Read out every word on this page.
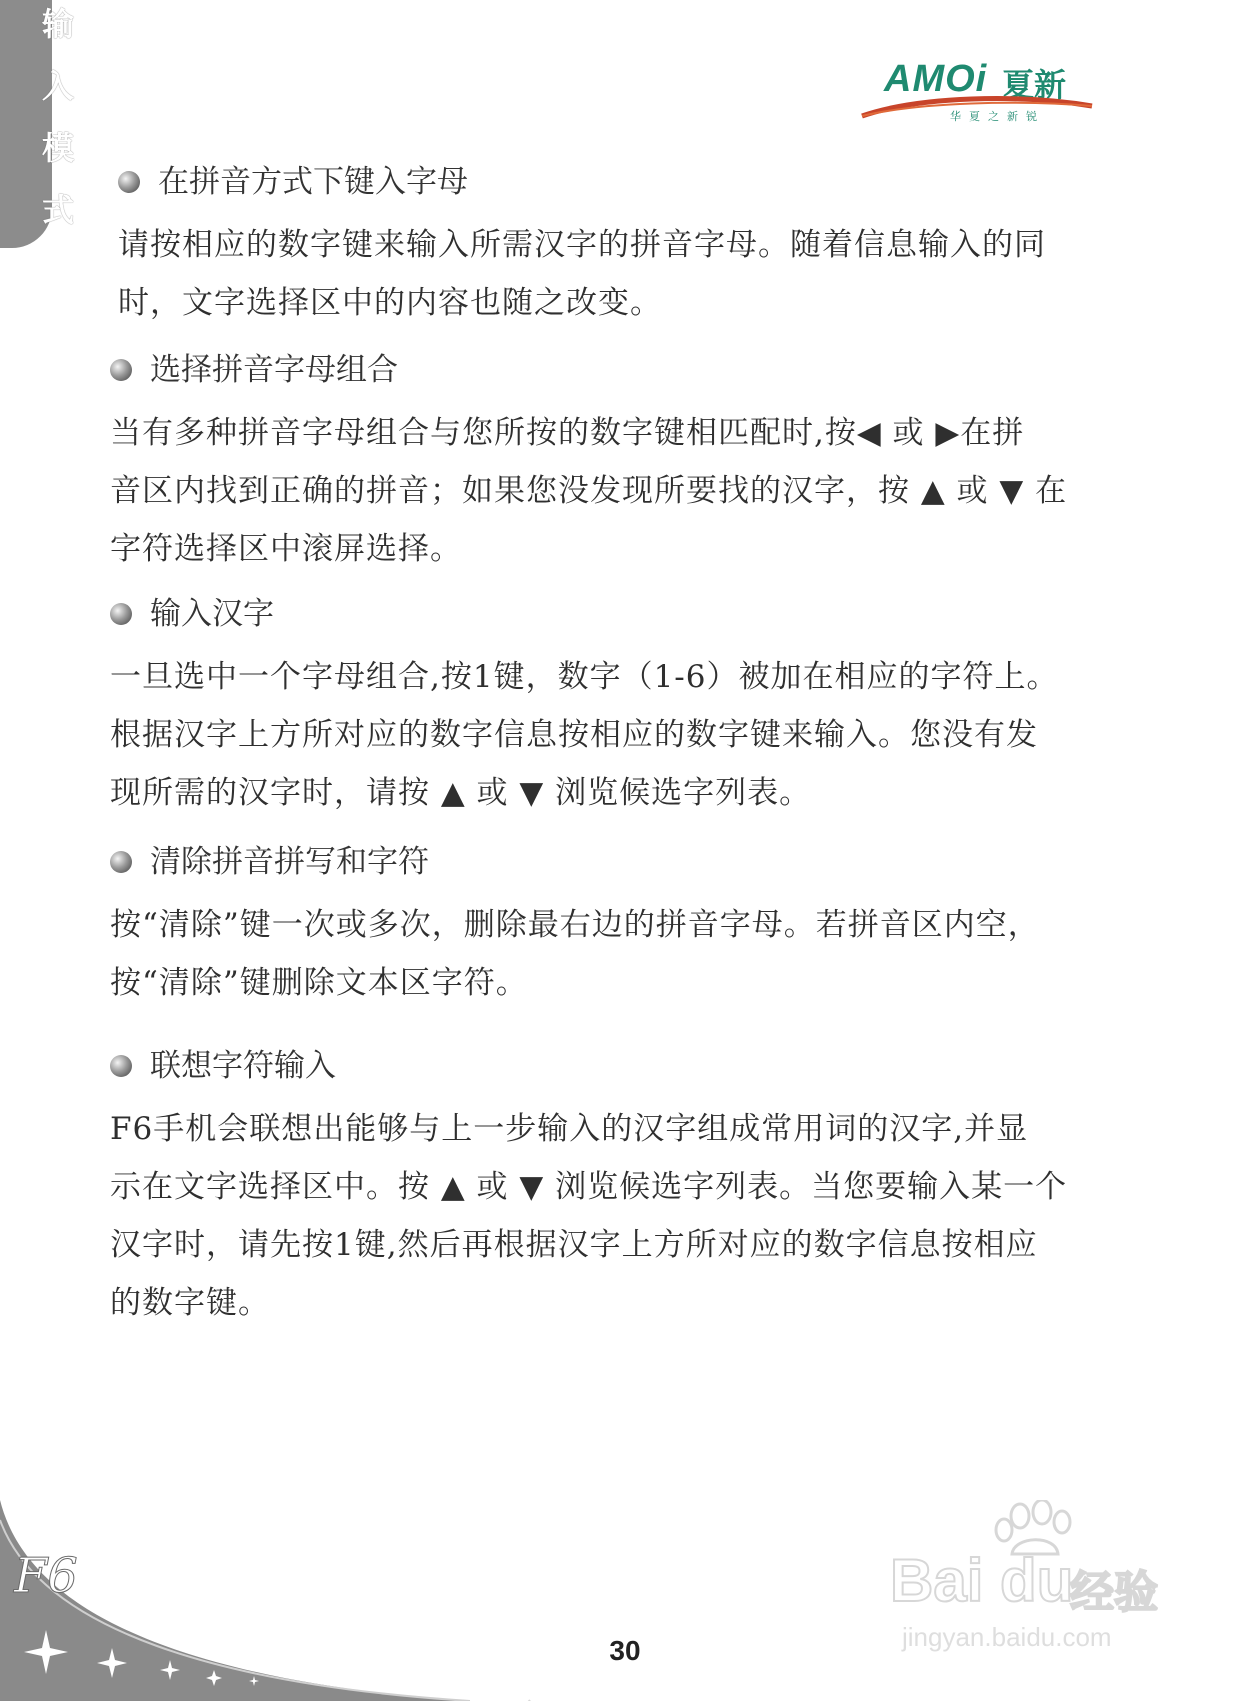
输
入
模
式
AMOi 夏新
华夏之新锐
在拼音方式下键入字母

请按相应的数字键来输入所需汉字的拼音字母。随着信息输入的同

时，文字选择区中的内容也随之改变。

选择拼音字母组合

当有多种拼音字母组合与您所按的数字键相匹配时,按◀ 或 ▶在拼

音区内找到正确的拼音；如果您没发现所要找的汉字，按 ▲ 或 ▼ 在

字符选择区中滚屏选择。

输入汉字

一旦选中一个字母组合,按1键，数字（1-6）被加在相应的字符上。

根据汉字上方所对应的数字信息按相应的数字键来输入。您没有发

现所需的汉字时，请按 ▲ 或 ▼ 浏览候选字列表。

清除拼音拼写和字符

按“清除”键一次或多次，删除最右边的拼音字母。若拼音区内空，

按“清除”键删除文本区字符。

联想字符输入

F6手机会联想出能够与上一步输入的汉字组成常用词的汉字,并显

示在文字选择区中。按 ▲ 或 ▼ 浏览候选字列表。当您要输入某一个

汉字时，请先按1键,然后再根据汉字上方所对应的数字信息按相应

的数字键。

F6
30
Bai du
经验
jingyan.baidu.com
